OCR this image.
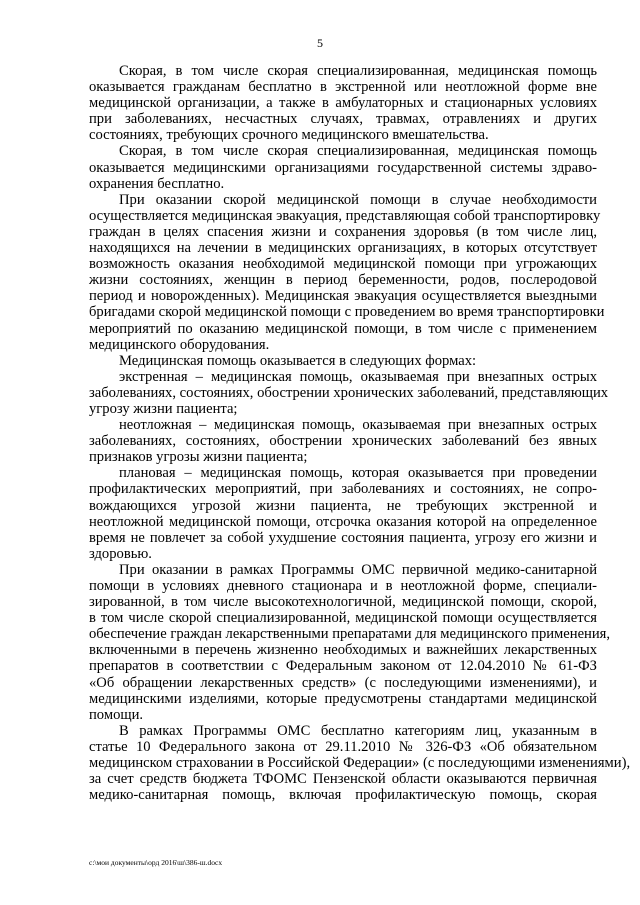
5
Скорая, в том числе скорая специализированная, медицинская помощь
оказывается гражданам бесплатно в экстренной или неотложной форме вне
медицинской организации, а также в амбулаторных и стационарных условиях
при заболеваниях, несчастных случаях, травмах, отравлениях и других
состояниях, требующих срочного медицинского вмешательства.
Скорая, в том числе скорая специализированная, медицинская помощь
оказывается медицинскими организациями государственной системы здраво-
охранения бесплатно.
При оказании скорой медицинской помощи в случае необходимости
осуществляется медицинская эвакуация, представляющая собой транспортировку
граждан в целях спасения жизни и сохранения здоровья (в том числе лиц,
находящихся на лечении в медицинских организациях, в которых отсутствует
возможность оказания необходимой медицинской помощи при угрожающих
жизни состояниях, женщин в период беременности, родов, послеродовой
период и новорожденных). Медицинская эвакуация осуществляется выездными
бригадами скорой медицинской помощи с проведением во время транспортировки
мероприятий по оказанию медицинской помощи, в том числе с применением
медицинского оборудования.
Медицинская помощь оказывается в следующих формах:
экстренная – медицинская помощь, оказываемая при внезапных острых
заболеваниях, состояниях, обострении хронических заболеваний, представляющих
угрозу жизни пациента;
неотложная – медицинская помощь, оказываемая при внезапных острых
заболеваниях, состояниях, обострении хронических заболеваний без явных
признаков угрозы жизни пациента;
плановая – медицинская помощь, которая оказывается при проведении
профилактических мероприятий, при заболеваниях и состояниях, не сопро-
вождающихся угрозой жизни пациента, не требующих экстренной и
неотложной медицинской помощи, отсрочка оказания которой на определенное
время не повлечет за собой ухудшение состояния пациента, угрозу его жизни и
здоровью.
При оказании в рамках Программы ОМС первичной медико-санитарной
помощи в условиях дневного стационара и в неотложной форме, специали-
зированной, в том числе высокотехнологичной, медицинской помощи, скорой,
в том числе скорой специализированной, медицинской помощи осуществляется
обеспечение граждан лекарственными препаратами для медицинского применения,
включенными в перечень жизненно необходимых и важнейших лекарственных
препаратов в соответствии с Федеральным законом от 12.04.2010 № 61-ФЗ
«Об обращении лекарственных средств» (с последующими изменениями), и
медицинскими изделиями, которые предусмотрены стандартами медицинской
помощи.
В рамках Программы ОМС бесплатно категориям лиц, указанным в
статье 10 Федерального закона от 29.11.2010 № 326-ФЗ «Об обязательном
медицинском страховании в Российской Федерации» (с последующими изменениями),
за счет средств бюджета ТФОМС Пензенской области оказываются первичная
медико-санитарная помощь, включая профилактическую помощь, скорая
c:\мои документы\орд 2016\ш\386-ш.docx
